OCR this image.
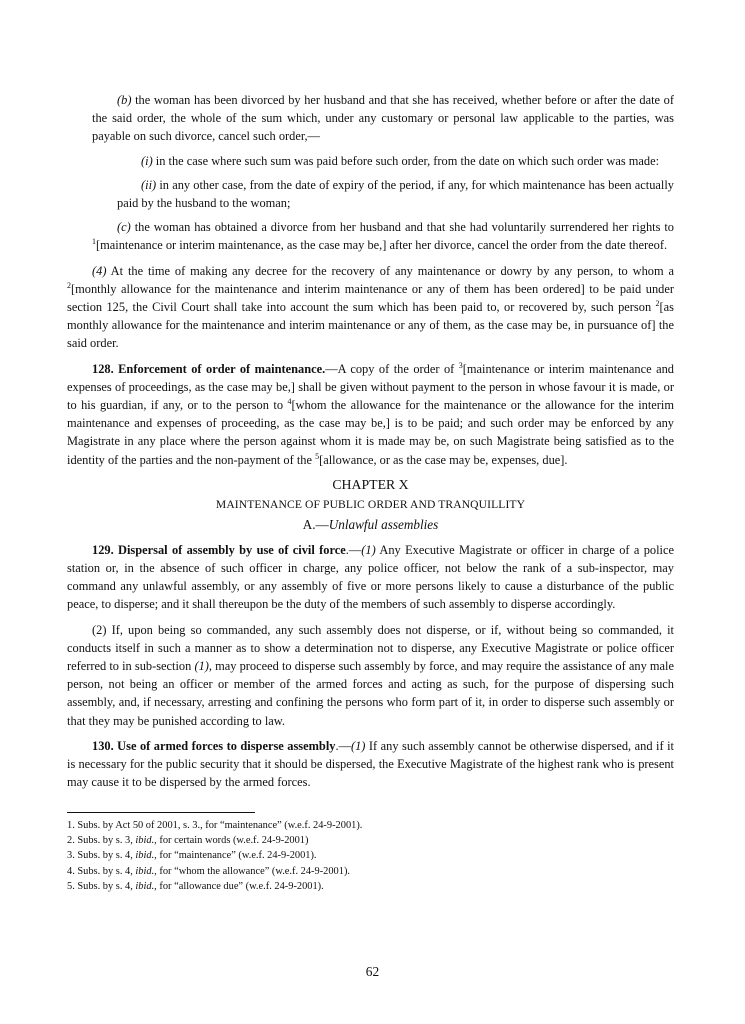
(b) the woman has been divorced by her husband and that she has received, whether before or after the date of the said order, the whole of the sum which, under any customary or personal law applicable to the parties, was payable on such divorce, cancel such order,—

(i) in the case where such sum was paid before such order, from the date on which such order was made:

(ii) in any other case, from the date of expiry of the period, if any, for which maintenance has been actually paid by the husband to the woman;

(c) the woman has obtained a divorce from her husband and that she had voluntarily surrendered her rights to $^1$[maintenance or interim maintenance, as the case may be,] after her divorce, cancel the order from the date thereof.

(4) At the time of making any decree for the recovery of any maintenance or dowry by any person, to whom a $^2$[monthly allowance for the maintenance and interim maintenance or any of them has been ordered] to be paid under section 125, the Civil Court shall take into account the sum which has been paid to, or recovered by, such person $^2$[as monthly allowance for the maintenance and interim maintenance or any of them, as the case may be, in pursuance of] the said order.

128. Enforcement of order of maintenance.—A copy of the order of $^3$[maintenance or interim maintenance and expenses of proceedings, as the case may be,] shall be given without payment to the person in whose favour it is made, or to his guardian, if any, or to the person to $^4$[whom the allowance for the maintenance or the allowance for the interim maintenance and expenses of proceeding, as the case may be,] is to be paid; and such order may be enforced by any Magistrate in any place where the person against whom it is made may be, on such Magistrate being satisfied as to the identity of the parties and the non-payment of the $^5$[allowance, or as the case may be, expenses, due].

CHAPTER X

MAINTENANCE OF PUBLIC ORDER AND TRANQUILLITY

A.—Unlawful assemblies

129. Dispersal of assembly by use of civil force.—(1) Any Executive Magistrate or officer in charge of a police station or, in the absence of such officer in charge, any police officer, not below the rank of a sub-inspector, may command any unlawful assembly, or any assembly of five or more persons likely to cause a disturbance of the public peace, to disperse; and it shall thereupon be the duty of the members of such assembly to disperse accordingly.

(2) If, upon being so commanded, any such assembly does not disperse, or if, without being so commanded, it conducts itself in such a manner as to show a determination not to disperse, any Executive Magistrate or police officer referred to in sub-section (1), may proceed to disperse such assembly by force, and may require the assistance of any male person, not being an officer or member of the armed forces and acting as such, for the purpose of dispersing such assembly, and, if necessary, arresting and confining the persons who form part of it, in order to disperse such assembly or that they may be punished according to law.

130. Use of armed forces to disperse assembly.—(1) If any such assembly cannot be otherwise dispersed, and if it is necessary for the public security that it should be dispersed, the Executive Magistrate of the highest rank who is present may cause it to be dispersed by the armed forces.

1. Subs. by Act 50 of 2001, s. 3., for “maintenance” (w.e.f. 24-9-2001).

2. Subs. by s. 3, ibid., for certain words (w.e.f. 24-9-2001)

3. Subs. by s. 4, ibid., for “maintenance” (w.e.f. 24-9-2001).

4. Subs. by s. 4, ibid., for “whom the allowance” (w.e.f. 24-9-2001).

5. Subs. by s. 4, ibid., for “allowance due” (w.e.f. 24-9-2001).

62
